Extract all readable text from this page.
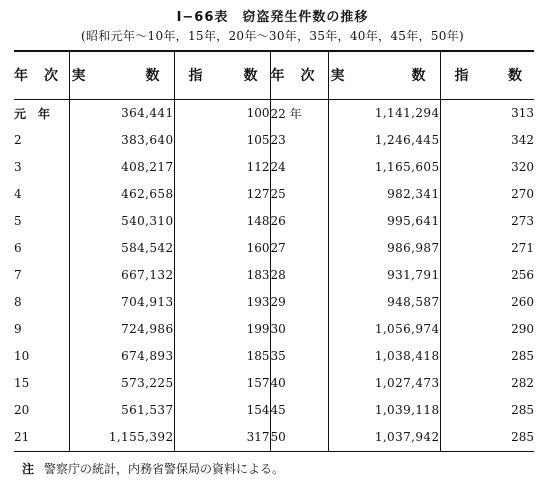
Ⅰ−66表　窃盗発生件数の推移
(昭和元年〜10年，15年，20年〜30年，35年，40年，45年，50年)
年 次	実 数	指 数	年 次	実 数	指 数

元 年	364,441	100	22 年	1,141,294	313
2	383,640	105	23	1,246,445	342
3	408,217	112	24	1,165,605	320
4	462,658	127	25	982,341	270
5	540,310	148	26	995,641	273
6	584,542	160	27	986,987	271
7	667,132	183	28	931,791	256
8	704,913	193	29	948,587	260
9	724,986	199	30	1,056,974	290
10	674,893	185	35	1,038,418	285
15	573,225	157	40	1,027,473	282
20	561,537	154	45	1,039,118	285
21	1,155,392	317	50	1,037,942	285
注 警察庁の統計，内務省警保局の資料による。
